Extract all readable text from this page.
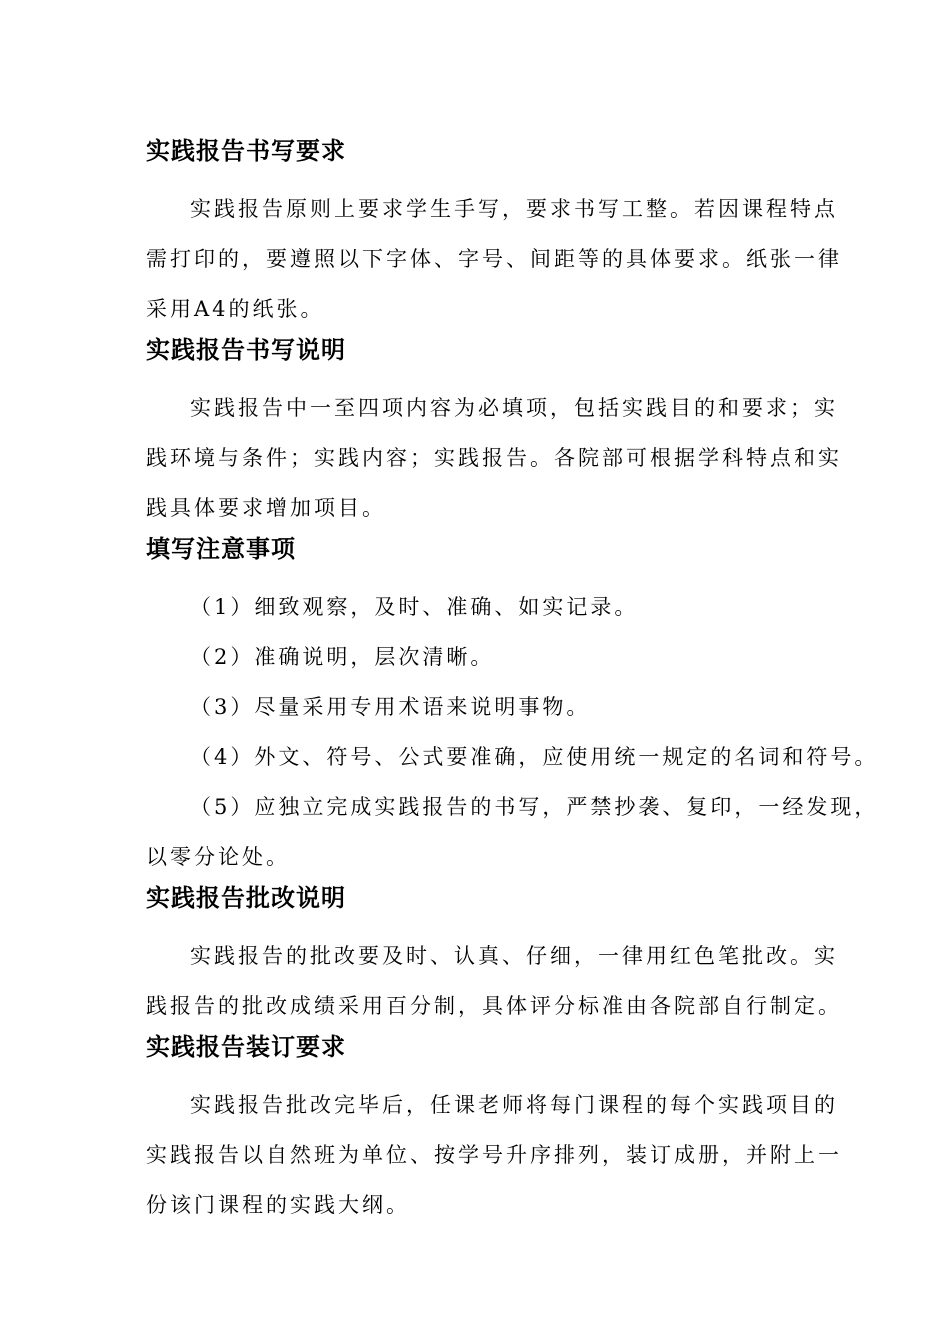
实践报告书写要求
实践报告原则上要求学生手写，要求书写工整。若因课程特点
需打印的，要遵照以下字体、字号、间距等的具体要求。纸张一律
采用A4的纸张。
实践报告书写说明
实践报告中一至四项内容为必填项，包括实践目的和要求；实
践环境与条件；实践内容；实践报告。各院部可根据学科特点和实
践具体要求增加项目。
填写注意事项
（1）细致观察，及时、准确、如实记录。
（2）准确说明，层次清晰。
（3）尽量采用专用术语来说明事物。
（4）外文、符号、公式要准确，应使用统一规定的名词和符号。
（5）应独立完成实践报告的书写，严禁抄袭、复印，一经发现，
以零分论处。
实践报告批改说明
实践报告的批改要及时、认真、仔细，一律用红色笔批改。实
践报告的批改成绩采用百分制，具体评分标准由各院部自行制定。
实践报告装订要求
实践报告批改完毕后，任课老师将每门课程的每个实践项目的
实践报告以自然班为单位、按学号升序排列，装订成册，并附上一
份该门课程的实践大纲。
